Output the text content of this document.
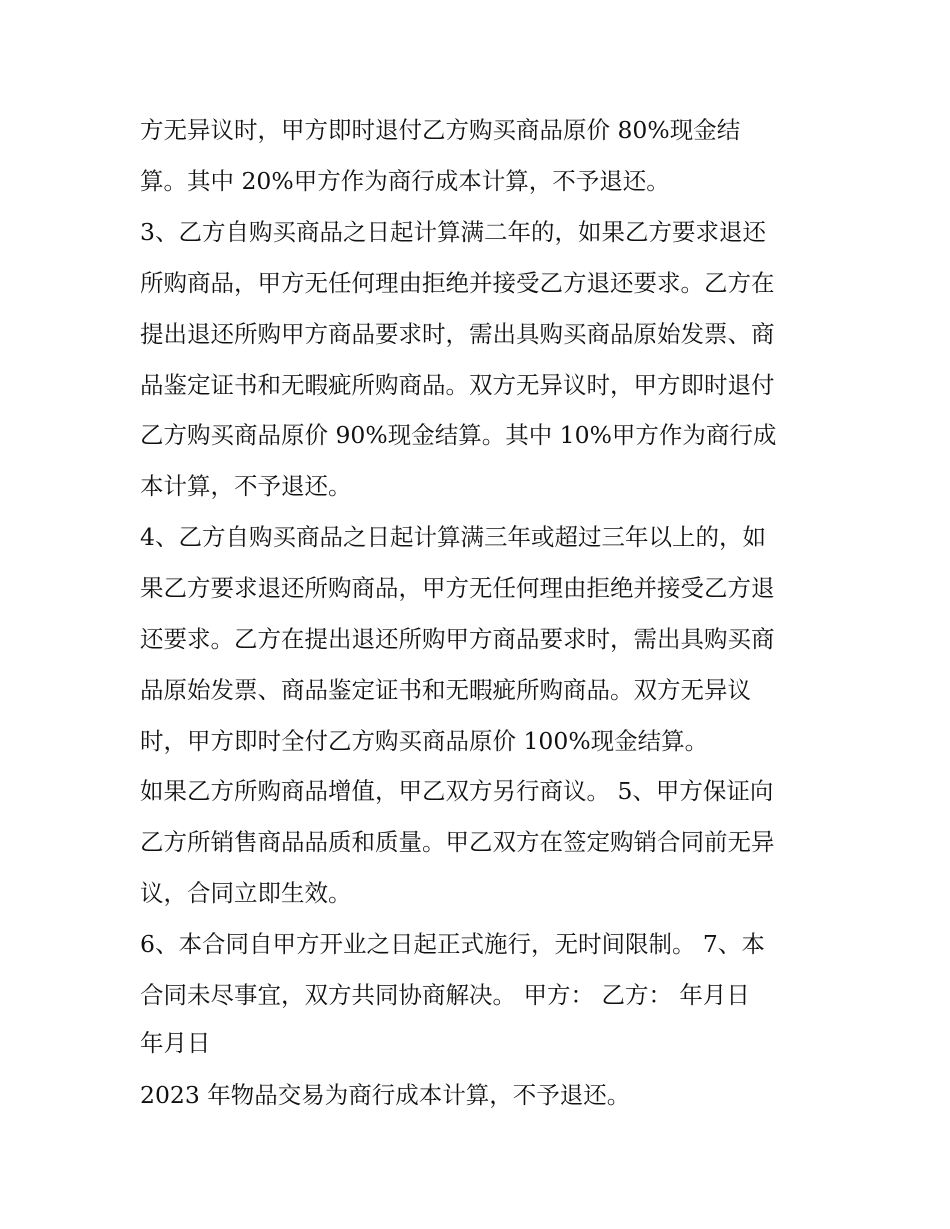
方无异议时，甲方即时退付乙方购买商品原价 80%现金结
算。其中 20%甲方作为商行成本计算，不予退还。
3、乙方自购买商品之日起计算满二年的，如果乙方要求退还
所购商品，甲方无任何理由拒绝并接受乙方退还要求。乙方在
提出退还所购甲方商品要求时，需出具购买商品原始发票、商
品鉴定证书和无暇疵所购商品。双方无异议时，甲方即时退付
乙方购买商品原价 90%现金结算。其中 10%甲方作为商行成
本计算，不予退还。
4、乙方自购买商品之日起计算满三年或超过三年以上的，如
果乙方要求退还所购商品，甲方无任何理由拒绝并接受乙方退
还要求。乙方在提出退还所购甲方商品要求时，需出具购买商
品原始发票、商品鉴定证书和无暇疵所购商品。双方无异议
时，甲方即时全付乙方购买商品原价 100%现金结算。
如果乙方所购商品增值，甲乙双方另行商议。 5、甲方保证向
乙方所销售商品品质和质量。甲乙双方在签定购销合同前无异
议，合同立即生效。
6、本合同自甲方开业之日起正式施行，无时间限制。 7、本
合同未尽事宜，双方共同协商解决。 甲方： 乙方： 年月日
年月日
2023 年物品交易为商行成本计算，不予退还。
